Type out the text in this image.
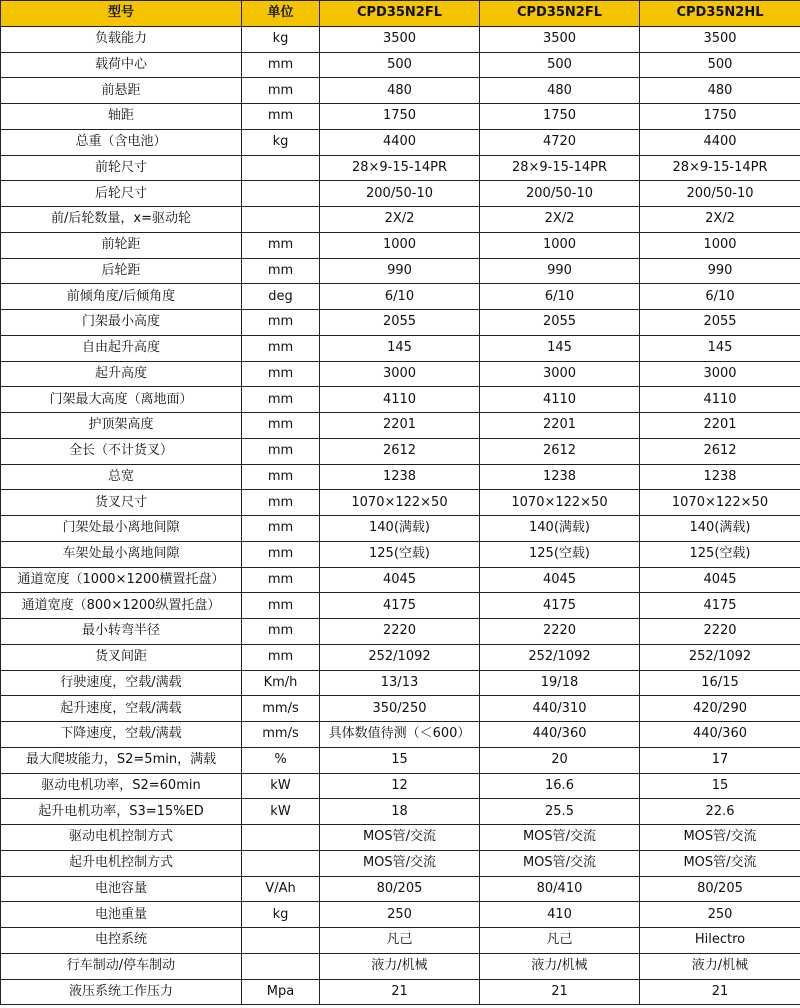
型号	单位	CPD35N2FL	CPD35N2FL	CPD35N2HL
负载能力	kg	3500	3500	3500
载荷中心	mm	500	500	500
前悬距	mm	480	480	480
轴距	mm	1750	1750	1750
总重（含电池）	kg	4400	4720	4400
前轮尺寸		28×9-15-14PR	28×9-15-14PR	28×9-15-14PR
后轮尺寸		200/50-10	200/50-10	200/50-10
前/后轮数量，x=驱动轮		2X/2	2X/2	2X/2
前轮距	mm	1000	1000	1000
后轮距	mm	990	990	990
前倾角度/后倾角度	deg	6/10	6/10	6/10
门架最小高度	mm	2055	2055	2055
自由起升高度	mm	145	145	145
起升高度	mm	3000	3000	3000
门架最大高度（离地面）	mm	4110	4110	4110
护顶架高度	mm	2201	2201	2201
全长（不计货叉）	mm	2612	2612	2612
总宽	mm	1238	1238	1238
货叉尺寸	mm	1070×122×50	1070×122×50	1070×122×50
门架处最小离地间隙	mm	140(满载)	140(满载)	140(满载)
车架处最小离地间隙	mm	125(空载)	125(空载)	125(空载)
通道宽度（1000×1200横置托盘）	mm	4045	4045	4045
通道宽度（800×1200纵置托盘）	mm	4175	4175	4175
最小转弯半径	mm	2220	2220	2220
货叉间距	mm	252/1092	252/1092	252/1092
行驶速度，空载/满载	Km/h	13/13	19/18	16/15
起升速度，空载/满载	mm/s	350/250	440/310	420/290
下降速度，空载/满载	mm/s	具体数值待测（＜600）	440/360	440/360
最大爬坡能力，S2=5min，满载	%	15	20	17
驱动电机功率，S2=60min	kW	12	16.6	15
起升电机功率，S3=15%ED	kW	18	25.5	22.6
驱动电机控制方式		MOS管/交流	MOS管/交流	MOS管/交流
起升电机控制方式		MOS管/交流	MOS管/交流	MOS管/交流
电池容量	V/Ah	80/205	80/410	80/205
电池重量	kg	250	410	250
电控系统		凡己	凡己	Hilectro
行车制动/停车制动		液力/机械	液力/机械	液力/机械
液压系统工作压力	Mpa	21	21	21
